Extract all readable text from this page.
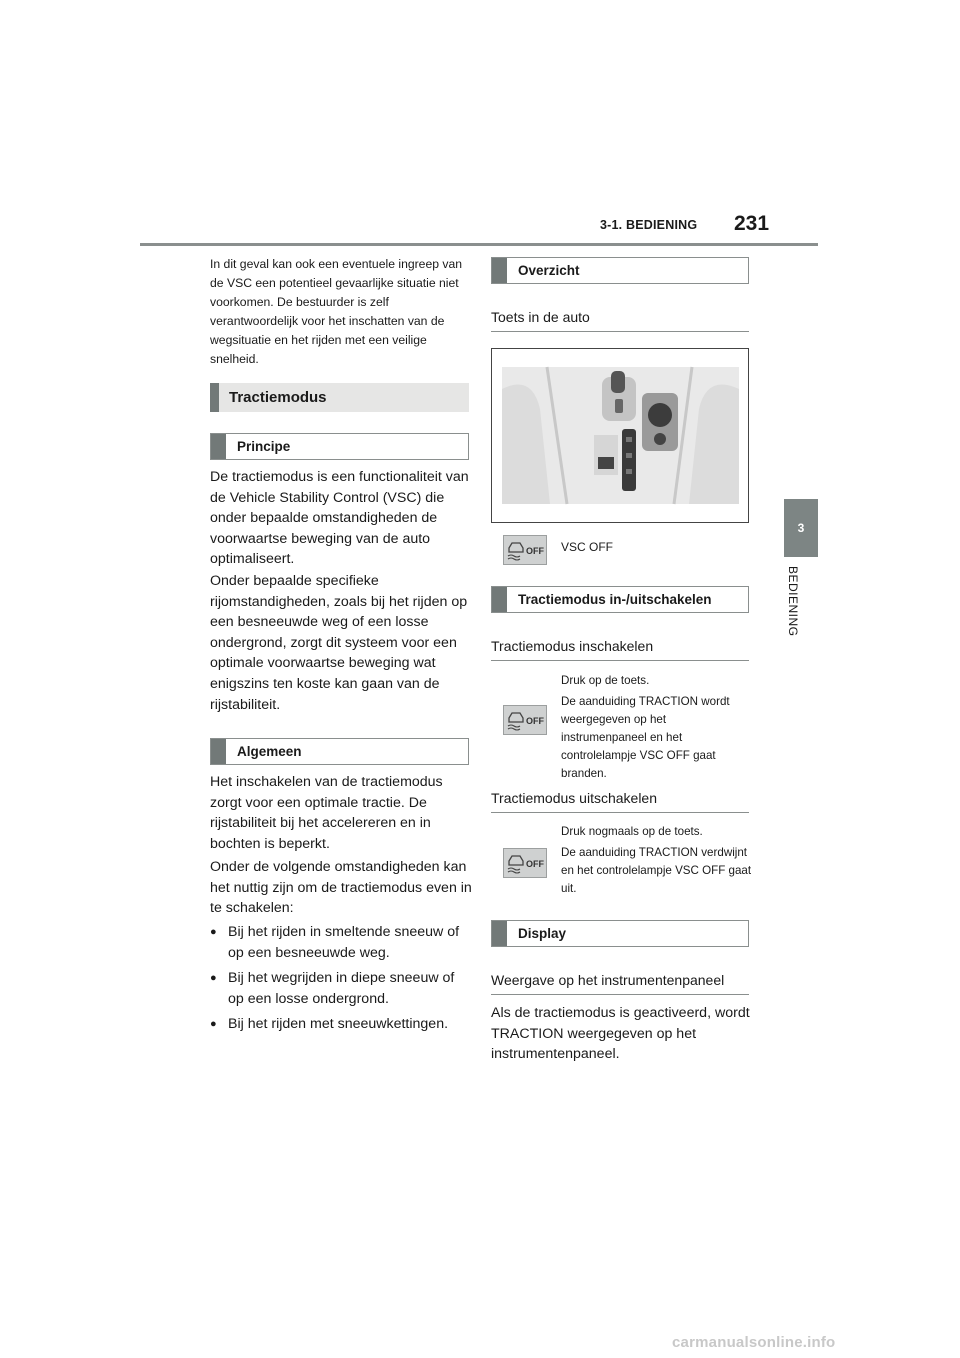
3-1. BEDIENING 231
3
BEDIENING

In dit geval kan ook een eventuele ingreep van de VSC een potentieel gevaarlijke situatie niet voorkomen. De bestuurder is zelf verantwoordelijk voor het inschatten van de wegsituatie en het rijden met een veilige snelheid.

Tractiemodus
Principe

De tractiemodus is een functionaliteit van de Vehicle Stability Control (VSC) die onder bepaalde omstandigheden de voorwaartse beweging van de auto optimaliseert.

Onder bepaalde specifieke rijomstandigheden, zoals bij het rijden op een besneeuwde weg of een losse ondergrond, zorgt dit systeem voor een optimale voorwaartse beweging wat enigszins ten koste kan gaan van de rijstabiliteit.

Algemeen

Het inschakelen van de tractiemodus zorgt voor een optimale tractie. De rijstabiliteit bij het accelereren en in bochten is beperkt.

Onder de volgende omstandigheden kan het nuttig zijn om de tractiemodus even in te schakelen:

● Bij het rijden in smeltende sneeuw of op een besneeuwde weg.
● Bij het wegrijden in diepe sneeuw of op een losse ondergrond.
● Bij het rijden met sneeuwkettingen.
Overzicht
Toets in de auto
OFF VSC OFF
Tractiemodus in-/uitschakelen
Tractiemodus inschakelen
Druk op de toets.
OFF

De aanduiding TRACTION wordt weergegeven op het instrumenpaneel en het controlelampje VSC OFF gaat branden.

Tractiemodus uitschakelen
Druk nogmaals op de toets.
OFF

De aanduiding TRACTION verdwijnt en het controlelampje VSC OFF gaat uit.

Display
Weergave op het instrumentenpaneel

Als de tractiemodus is geactiveerd, wordt TRACTION weergegeven op het instrumentenpaneel.

carmanualsonline.info
